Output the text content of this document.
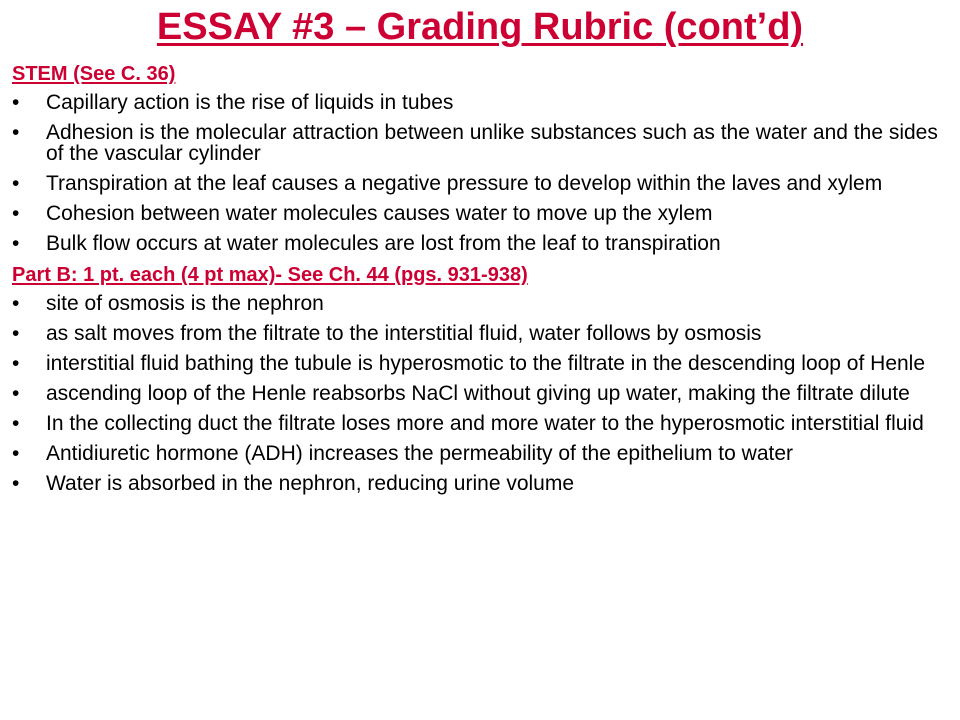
ESSAY #3 – Grading Rubric (cont’d)
STEM (See C. 36)
•	Capillary action is the rise of liquids in tubes
•	Adhesion is the molecular attraction between unlike substances such as the water and the sides of the vascular cylinder
•	Transpiration at the leaf causes a negative pressure to develop within the laves and xylem
•	Cohesion between water molecules causes water to move up the xylem
•	Bulk flow occurs at water molecules are lost from the leaf to transpiration
Part B: 1 pt. each (4 pt max)- See Ch. 44 (pgs. 931-938)
•	site of osmosis is the nephron
•	as salt moves from the filtrate to the interstitial fluid, water follows by osmosis
•	interstitial fluid bathing the tubule is hyperosmotic to the filtrate in the descending loop of Henle
•	ascending loop of the Henle reabsorbs NaCl without giving up water, making the filtrate dilute
•	In the collecting duct the filtrate loses more and more water to the hyperosmotic interstitial fluid
•	Antidiuretic hormone (ADH) increases the permeability of the epithelium to water
•	Water is absorbed in the nephron, reducing urine volume
